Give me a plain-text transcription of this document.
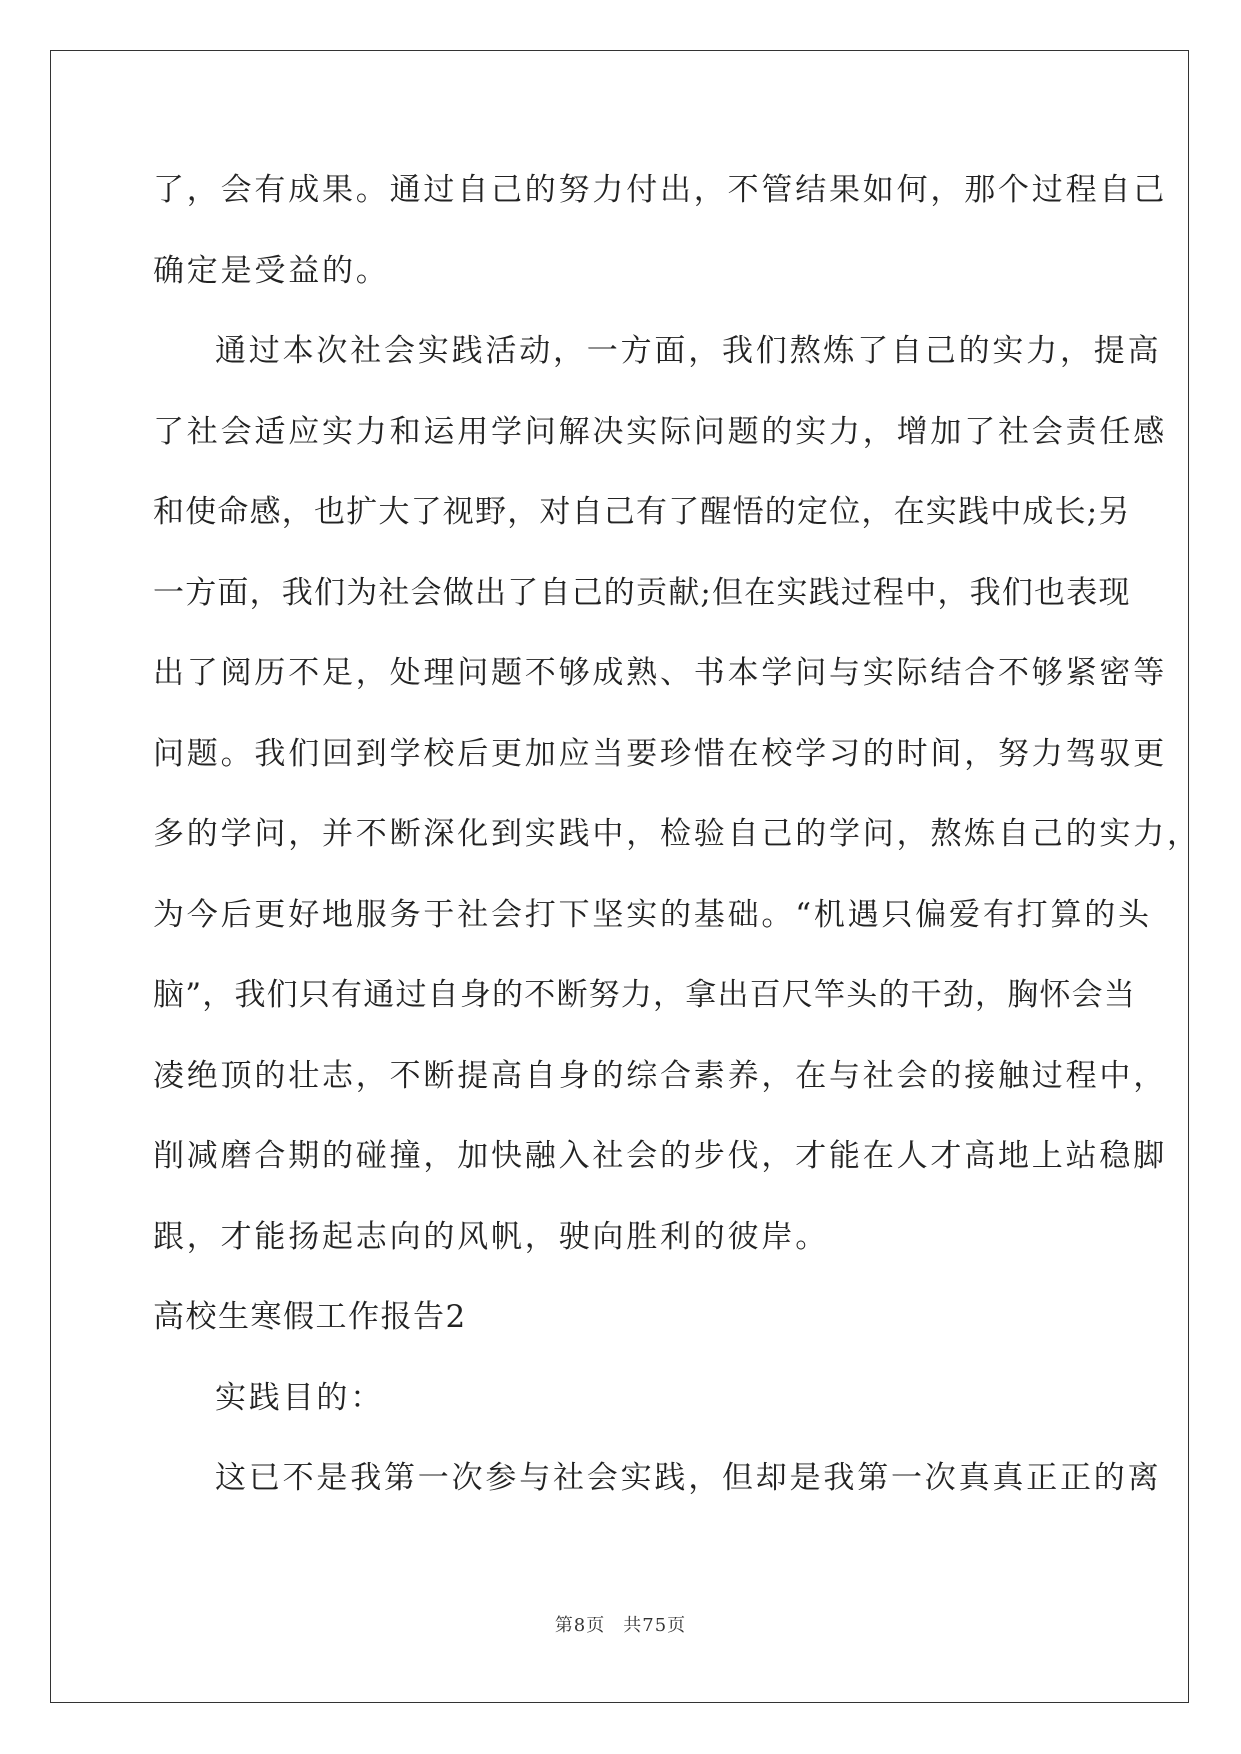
了，会有成果。通过自己的努力付出，不管结果如何，那个过程自己
确定是受益的。
通过本次社会实践活动，一方面，我们熬炼了自己的实力，提高
了社会适应实力和运用学问解决实际问题的实力，增加了社会责任感
和使命感，也扩大了视野，对自己有了醒悟的定位，在实践中成长;另
一方面，我们为社会做出了自己的贡献;但在实践过程中，我们也表现
出了阅历不足，处理问题不够成熟、书本学问与实际结合不够紧密等
问题。我们回到学校后更加应当要珍惜在校学习的时间，努力驾驭更
多的学问，并不断深化到实践中，检验自己的学问，熬炼自己的实力，
为今后更好地服务于社会打下坚实的基础。“机遇只偏爱有打算的头
脑”，我们只有通过自身的不断努力，拿出百尺竿头的干劲，胸怀会当
凌绝顶的壮志，不断提高自身的综合素养，在与社会的接触过程中，
削减磨合期的碰撞，加快融入社会的步伐，才能在人才高地上站稳脚
跟，才能扬起志向的风帆，驶向胜利的彼岸。
高校生寒假工作报告2
实践目的：
这已不是我第一次参与社会实践，但却是我第一次真真正正的离
第8页 共75页
